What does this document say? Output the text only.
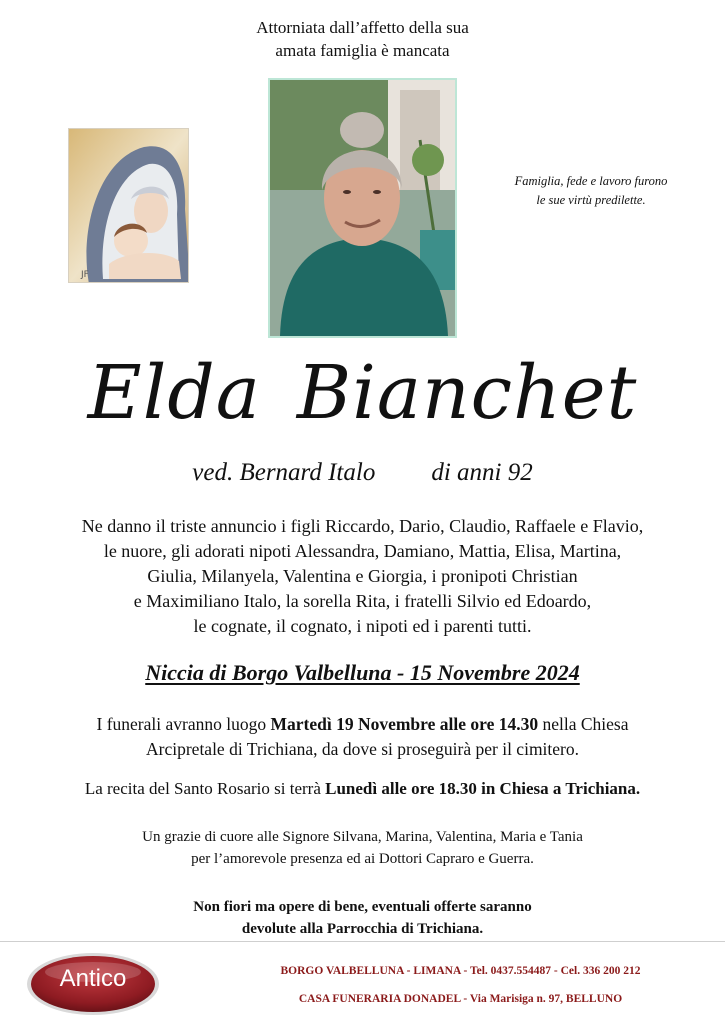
Attorniata dall’affetto della sua
amata famiglia è mancata
JF
Famiglia, fede e lavoro furono
le sue virtù predilette.
Elda Bianchet
ved. Bernard Italo di anni 92
Ne danno il triste annuncio i figli Riccardo, Dario, Claudio, Raffaele e Flavio,
le nuore, gli adorati nipoti Alessandra, Damiano, Mattia, Elisa, Martina,
Giulia, Milanyela, Valentina e Giorgia, i pronipoti Christian
e Maximiliano Italo, la sorella Rita, i fratelli Silvio ed Edoardo,
le cognate, il cognato, i nipoti ed i parenti tutti.
Niccia di Borgo Valbelluna - 15 Novembre 2024
I funerali avranno luogo Martedì 19 Novembre alle ore 14.30 nella Chiesa
Arcipretale di Trichiana, da dove si proseguirà per il cimitero.
La recita del Santo Rosario si terrà Lunedì alle ore 18.30 in Chiesa a Trichiana.
Un grazie di cuore alle Signore Silvana, Marina, Valentina, Maria e Tania
per l’amorevole presenza ed ai Dottori Capraro e Guerra.
Non fiori ma opere di bene, eventuali offerte saranno
devolute alla Parrocchia di Trichiana.
Antico	BORGO VALBELLUNA - LIMANA - Tel. 0437.554487 - Cel. 336 200 212
CASA FUNERARIA DONADEL - Via Marisiga n. 97, BELLUNO
